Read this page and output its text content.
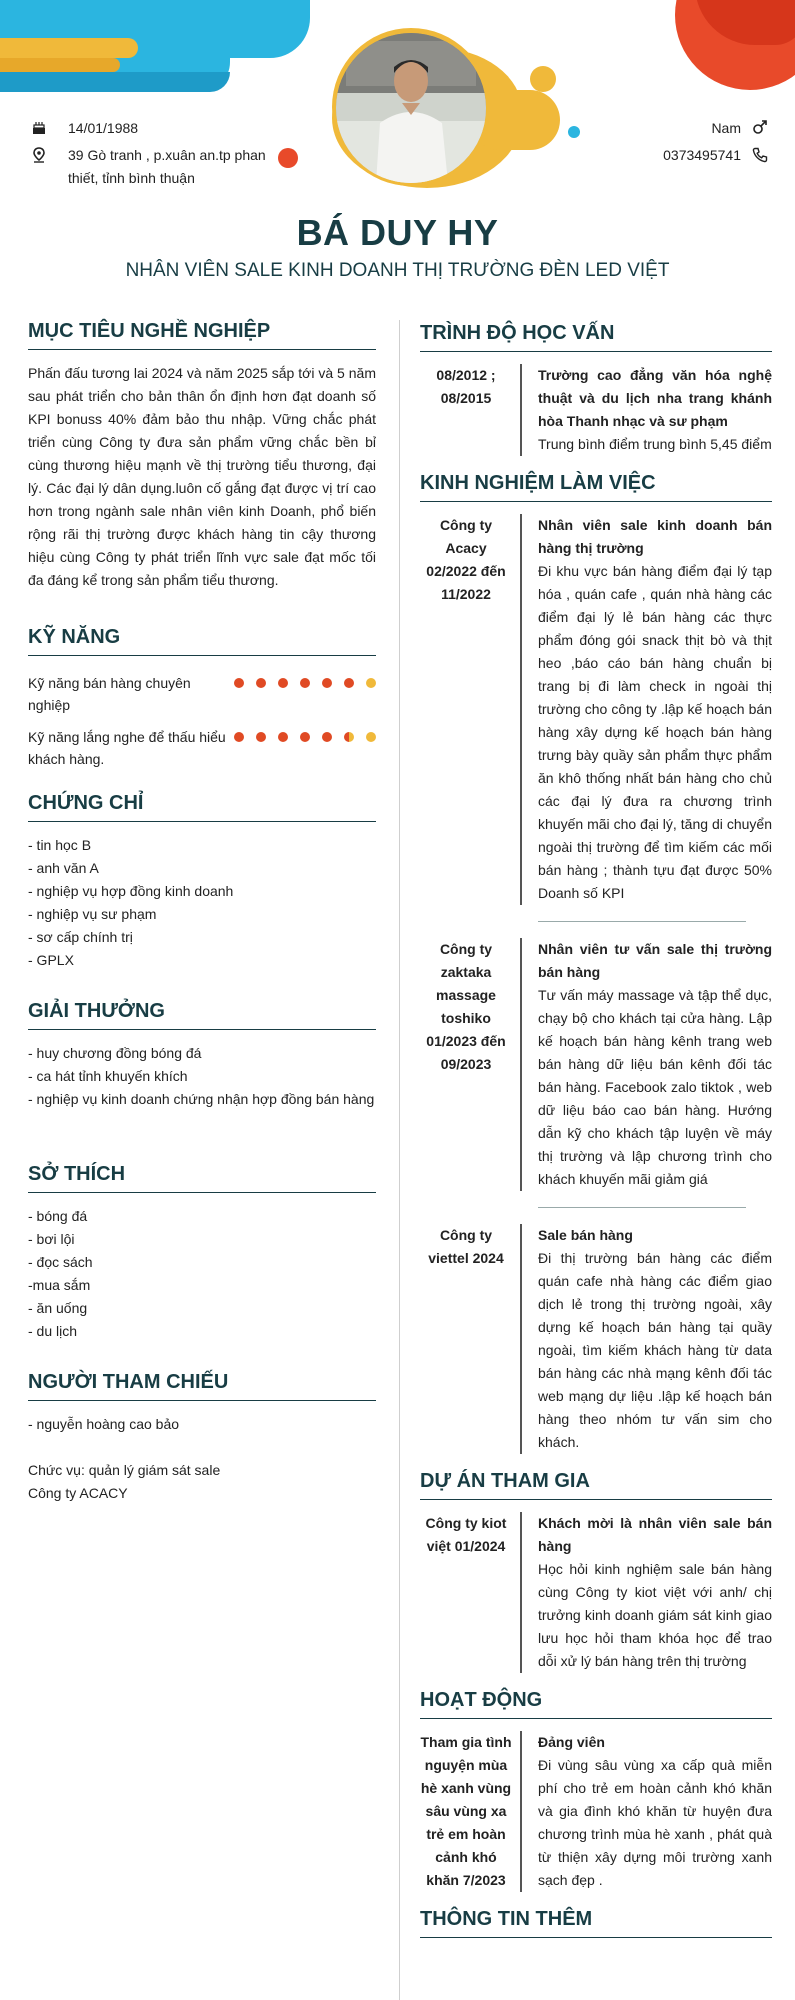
14/01/1988
39 Gò tranh , p.xuân an.tp phan thiết, tỉnh bình thuận
Nam
0373495741
BÁ DUY HY
NHÂN VIÊN SALE KINH DOANH THỊ TRƯỜNG ĐÈN LED VIỆT
MỤC TIÊU NGHỀ NGHIỆP
Phấn đấu tương lai 2024 và năm 2025 sắp tới và 5 năm sau phát triển cho bản thân ổn định hơn đạt doanh số KPI bonuss 40% đảm bảo thu nhập. Vững chắc phát triển cùng Công ty đưa sản phẩm vững chắc bền bỉ cùng thương hiệu mạnh về thị trường tiểu thương, đại lý. Các đại lý dân dụng.luôn cố gắng đạt được vị trí cao hơn trong ngành sale nhân viên kinh Doanh, phổ biến rộng rãi thị trường được khách hàng tin cậy thương hiệu cùng Công ty phát triển lĩnh vực sale đạt mốc tối đa đáng kể trong sản phẩm tiểu thương.
KỸ NĂNG
Kỹ năng bán hàng chuyên nghiệp
Kỹ năng lắng nghe để thấu hiểu khách hàng.
CHỨNG CHỈ
- tin học B
- anh văn A
- nghiệp vụ hợp đồng kinh doanh
- nghiệp vụ sư phạm
- sơ cấp chính trị
- GPLX
GIẢI THƯỞNG
- huy chương đồng bóng đá
- ca hát tỉnh khuyến khích
- nghiệp vụ kinh doanh chứng nhận hợp đồng bán hàng
SỞ THÍCH
- bóng đá
- bơi lội
- đọc sách
-mua sắm
- ăn uống
- du lịch
NGƯỜI THAM CHIẾU
- nguyễn hoàng cao bảo
Chức vụ: quản lý giám sát sale
Công ty ACACY
TRÌNH ĐỘ HỌC VẤN
08/2012 ; 08/2015
Trường cao đẳng văn hóa nghệ thuật và du lịch nha trang khánh hòa Thanh nhạc và sư phạm
Trung bình điểm trung bình 5,45 điểm
KINH NGHIỆM LÀM VIỆC
Công ty Acacy 02/2022 đến 11/2022
Nhân viên sale kinh doanh bán hàng thị trường
Đi khu vực bán hàng điểm đại lý tạp hóa , quán cafe , quán nhà hàng các điểm đại lý lẻ bán hàng các thực phẩm đóng gói snack thịt bò và thịt heo ,báo cáo bán hàng chuẩn bị trang bị đi làm check in ngoài thị trường cho công ty .lập kế hoạch bán hàng xây dựng kế hoạch bán hàng trưng bày quầy sản phẩm thực phẩm ăn khô thống nhất bán hàng cho chủ các đại lý đưa ra chương trình khuyến mãi cho đại lý, tăng di chuyển ngoài thị trường để tìm kiếm các mối bán hàng ; thành tựu đạt được 50% Doanh số KPI
Công ty zaktaka massage toshiko 01/2023 đến 09/2023
Nhân viên tư vấn sale thị trường bán hàng
Tư vấn máy massage và tập thể dục, chạy bộ cho khách tại cửa hàng. Lập kế hoạch bán hàng kênh trang web bán hàng dữ liệu bán kênh đối tác bán hàng. Facebook zalo tiktok , web dữ liệu báo cao bán hàng. Hướng dẫn kỹ cho khách tập luyện về máy thị trường và lập chương trình cho khách khuyến mãi giảm giá
Công ty viettel 2024
Sale bán hàng
Đi thị trường bán hàng các điểm quán cafe nhà hàng các điểm giao dịch lẻ trong thị trường ngoài, xây dựng kế hoạch bán hàng tại quầy ngoài, tìm kiếm khách hàng từ data bán hàng các nhà mạng kênh đối tác web mạng dự liệu .lập kế hoạch bán hàng theo nhóm tư vấn sim cho khách.
DỰ ÁN THAM GIA
Công ty kiot việt 01/2024
Khách mời là nhân viên sale bán hàng
Học hỏi kinh nghiệm sale bán hàng cùng Công ty kiot việt với anh/ chị trưởng kinh doanh giám sát kinh giao lưu học hỏi tham khóa học để trao dỗi xử lý bán hàng trên thị trường
HOẠT ĐỘNG
Tham gia tình nguyện mùa hè xanh vùng sâu vùng xa trẻ em hoàn cảnh khó khăn 7/2023
Đảng viên
Đi vùng sâu vùng xa cấp quà miễn phí cho trẻ em hoàn cảnh khó khăn và gia đình khó khăn từ huyện đưa chương trình mùa hè xanh , phát quà từ thiện xây dựng môi trường xanh sạch đẹp .
THÔNG TIN THÊM
